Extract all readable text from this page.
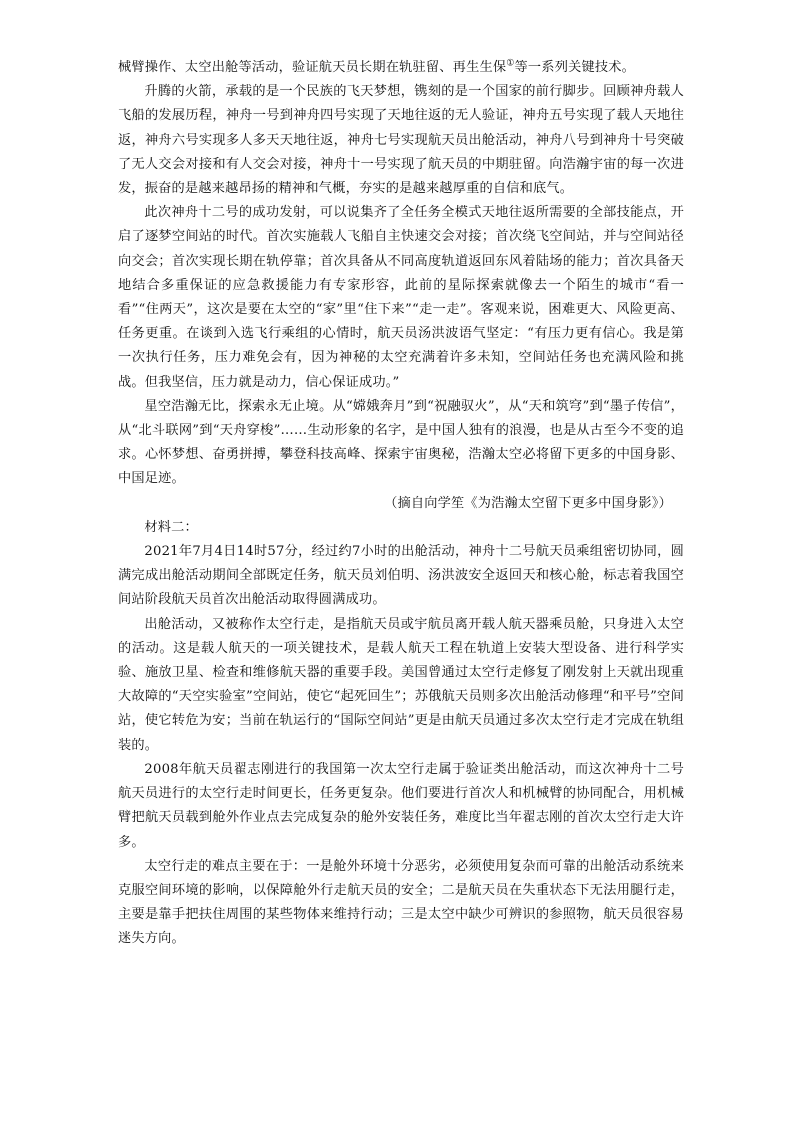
械臂操作、太空出舱等活动，验证航天员长期在轨驻留、再生生保①等一系列关键技术。

升腾的火箭，承载的是一个民族的飞天梦想，镌刻的是一个国家的前行脚步。回顾神舟载人飞船的发展历程，神舟一号到神舟四号实现了天地往返的无人验证，神舟五号实现了载人天地往返，神舟六号实现多人多天天地往返，神舟七号实现航天员出舱活动，神舟八号到神舟十号突破了无人交会对接和有人交会对接，神舟十一号实现了航天员的中期驻留。向浩瀚宇宙的每一次进发，振奋的是越来越昂扬的精神和气概，夯实的是越来越厚重的自信和底气。

此次神舟十二号的成功发射，可以说集齐了全任务全模式天地往返所需要的全部技能点，开启了逐梦空间站的时代。首次实施载人飞船自主快速交会对接；首次绕飞空间站，并与空间站径向交会；首次实现长期在轨停靠；首次具备从不同高度轨道返回东风着陆场的能力；首次具备天地结合多重保证的应急救援能力有专家形容，此前的星际探索就像去一个陌生的城市“看一看”“住两天”，这次是要在太空的“家”里“住下来”“走一走”。客观来说，困难更大、风险更高、任务更重。在谈到入选飞行乘组的心情时，航天员汤洪波语气坚定：“有压力更有信心。我是第一次执行任务，压力难免会有，因为神秘的太空充满着许多未知，空间站任务也充满风险和挑战。但我坚信，压力就是动力，信心保证成功。”

星空浩瀚无比，探索永无止境。从“嫦娥奔月”到“祝融驭火”，从“天和筑穹”到“墨子传信”，从“北斗联网”到“天舟穿梭”……生动形象的名字，是中国人独有的浪漫，也是从古至今不变的追求。心怀梦想、奋勇拼搏，攀登科技高峰、探索宇宙奥秘，浩瀚太空必将留下更多的中国身影、中国足迹。

（摘自向学笙《为浩瀚太空留下更多中国身影》）

材料二：

2021年7月4日14时57分，经过约7小时的出舱活动，神舟十二号航天员乘组密切协同，圆满完成出舱活动期间全部既定任务，航天员刘伯明、汤洪波安全返回天和核心舱，标志着我国空间站阶段航天员首次出舱活动取得圆满成功。

出舱活动，又被称作太空行走，是指航天员或宇航员离开载人航天器乘员舱，只身进入太空的活动。这是载人航天的一项关键技术，是载人航天工程在轨道上安装大型设备、进行科学实验、施放卫星、检查和维修航天器的重要手段。美国曾通过太空行走修复了刚发射上天就出现重大故障的“天空实验室”空间站，使它“起死回生”；苏俄航天员则多次出舱活动修理“和平号”空间站，使它转危为安；当前在轨运行的“国际空间站”更是由航天员通过多次太空行走才完成在轨组装的。

2008年航天员翟志刚进行的我国第一次太空行走属于验证类出舱活动，而这次神舟十二号航天员进行的太空行走时间更长，任务更复杂。他们要进行首次人和机械臂的协同配合，用机械臂把航天员载到舱外作业点去完成复杂的舱外安装任务，难度比当年翟志刚的首次太空行走大许多。

太空行走的难点主要在于：一是舱外环境十分恶劣，必须使用复杂而可靠的出舱活动系统来克服空间环境的影响，以保障舱外行走航天员的安全；二是航天员在失重状态下无法用腿行走，主要是靠手把扶住周围的某些物体来维持行动；三是太空中缺少可辨识的参照物，航天员很容易迷失方向。
